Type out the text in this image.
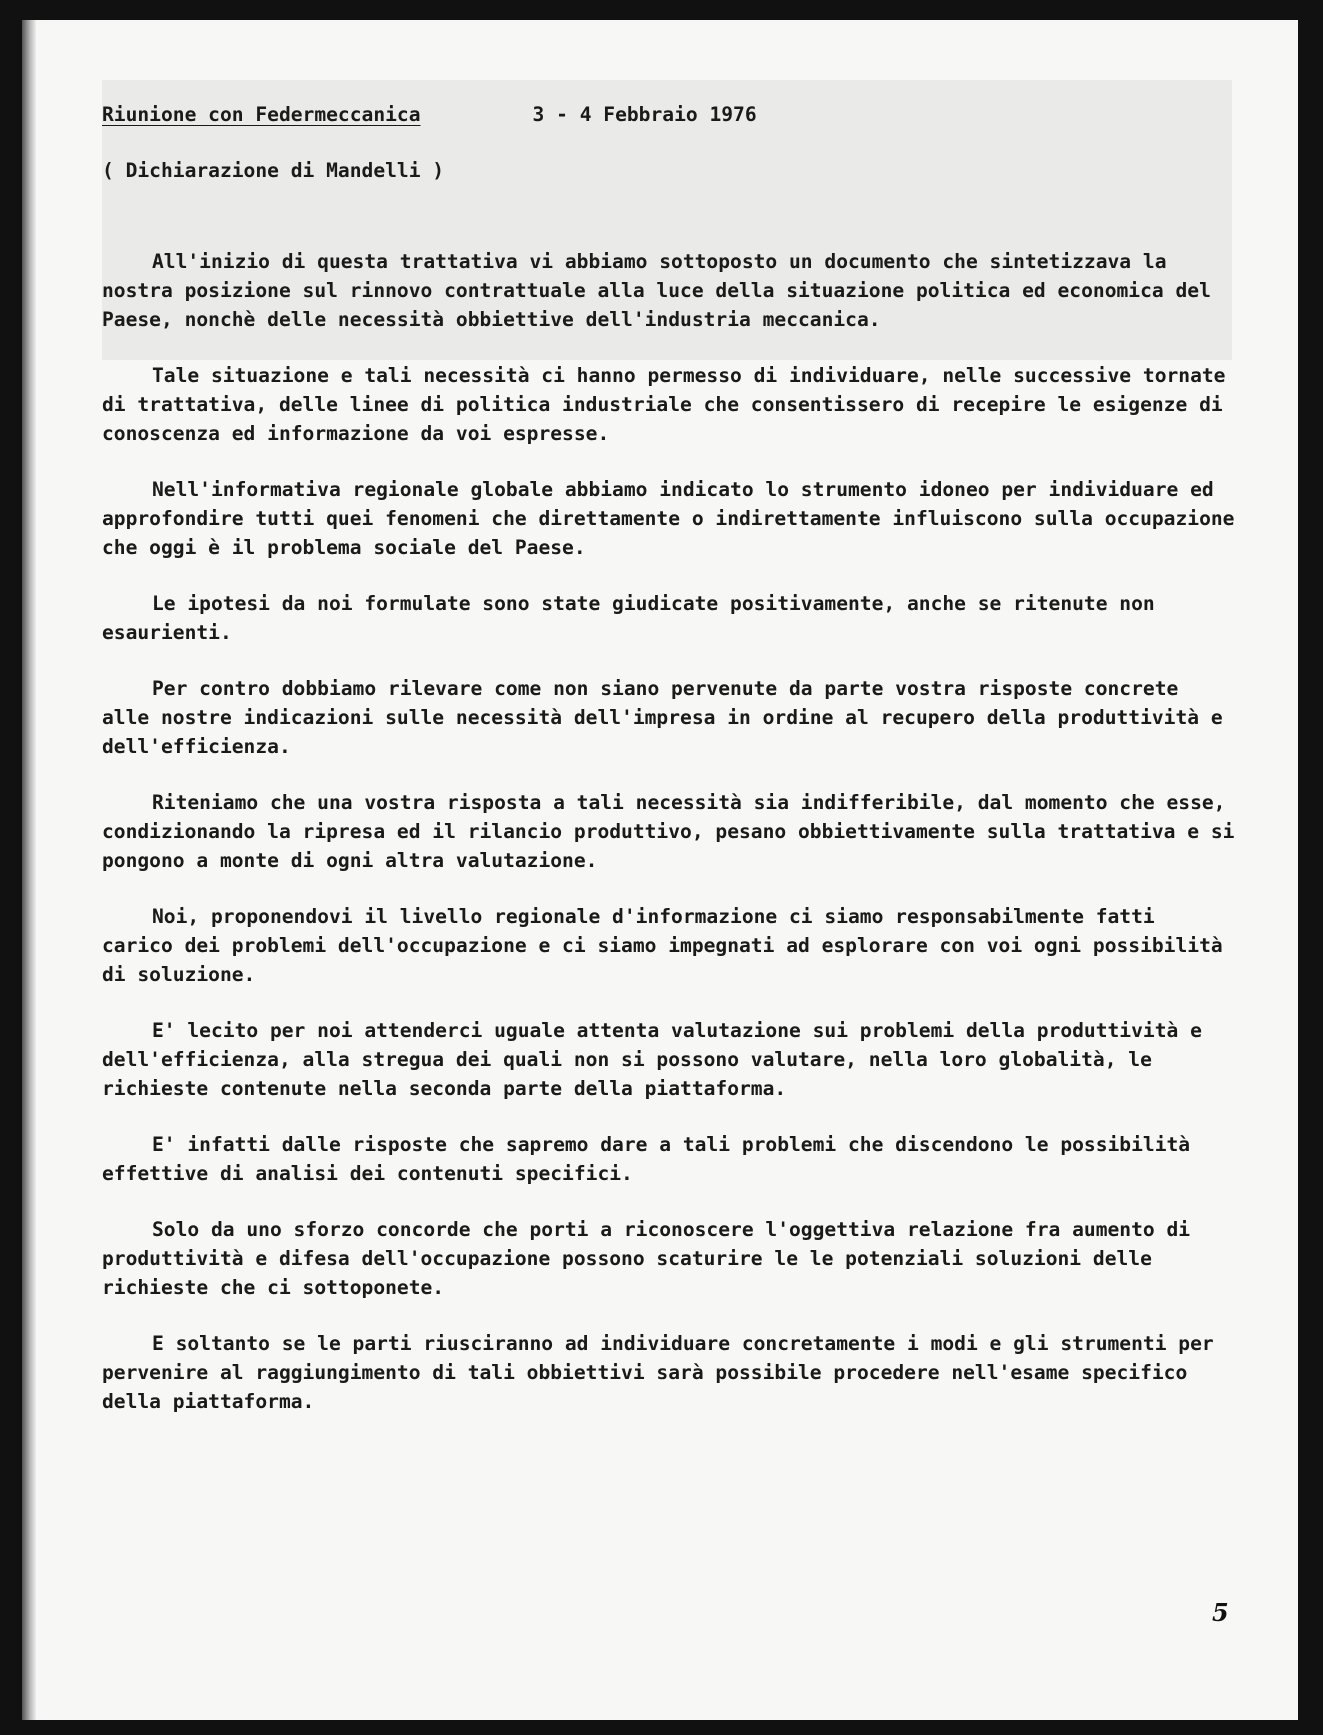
Riunione con Federmeccanica	3 - 4 Febbraio 1976
( Dichiarazione di Mandelli )

All'inizio di questa trattativa vi abbiamo sottoposto un documento che sintetizzava la nostra posizione sul rinnovo contrattuale alla luce della situazione politica ed economica del Paese, nonchè delle necessità obbiettive dell'industria meccanica.

Tale situazione e tali necessità ci hanno permesso di individuare, nelle successive tornate di trattativa, delle linee di politica industriale che consentissero di recepire le esigenze di conoscenza ed informazione da voi espresse.

Nell'informativa regionale globale abbiamo indicato lo strumento idoneo per individuare ed approfondire tutti quei fenomeni che direttamente o indirettamente influiscono sulla occupazione che oggi è il problema sociale del Paese.

Le ipotesi da noi formulate sono state giudicate positivamente, anche se ritenute non esaurienti.

Per contro dobbiamo rilevare come non siano pervenute da parte vostra risposte concrete alle nostre indicazioni sulle necessità dell'impresa in ordine al recupero della produttività e dell'efficienza.

Riteniamo che una vostra risposta a tali necessità sia indifferibile, dal momento che esse, condizionando la ripresa ed il rilancio produttivo, pesano obbiettivamente sulla trattativa e si pongono a monte di ogni altra valutazione.

Noi, proponendovi il livello regionale d'informazione ci siamo responsabilmente fatti carico dei problemi dell'occupazione e ci siamo impegnati ad esplorare con voi ogni possibilità di soluzione.

E' lecito per noi attenderci uguale attenta valutazione sui problemi della produttività e dell'efficienza, alla stregua dei quali non si possono valutare, nella loro globalità, le richieste contenute nella seconda parte della piattaforma.

E' infatti dalle risposte che sapremo dare a tali problemi che discendono le possibilità effettive di analisi dei contenuti specifici.

Solo da uno sforzo concorde che porti a riconoscere l'oggettiva relazione fra aumento di produttività e difesa dell'occupazione possono scaturire le le potenziali soluzioni delle richieste che ci sottoponete.

E soltanto se le parti riusciranno ad individuare concretamente i modi e gli strumenti per pervenire al raggiungimento di tali obbiettivi sarà possibile procedere nell'esame specifico della piattaforma.

5
